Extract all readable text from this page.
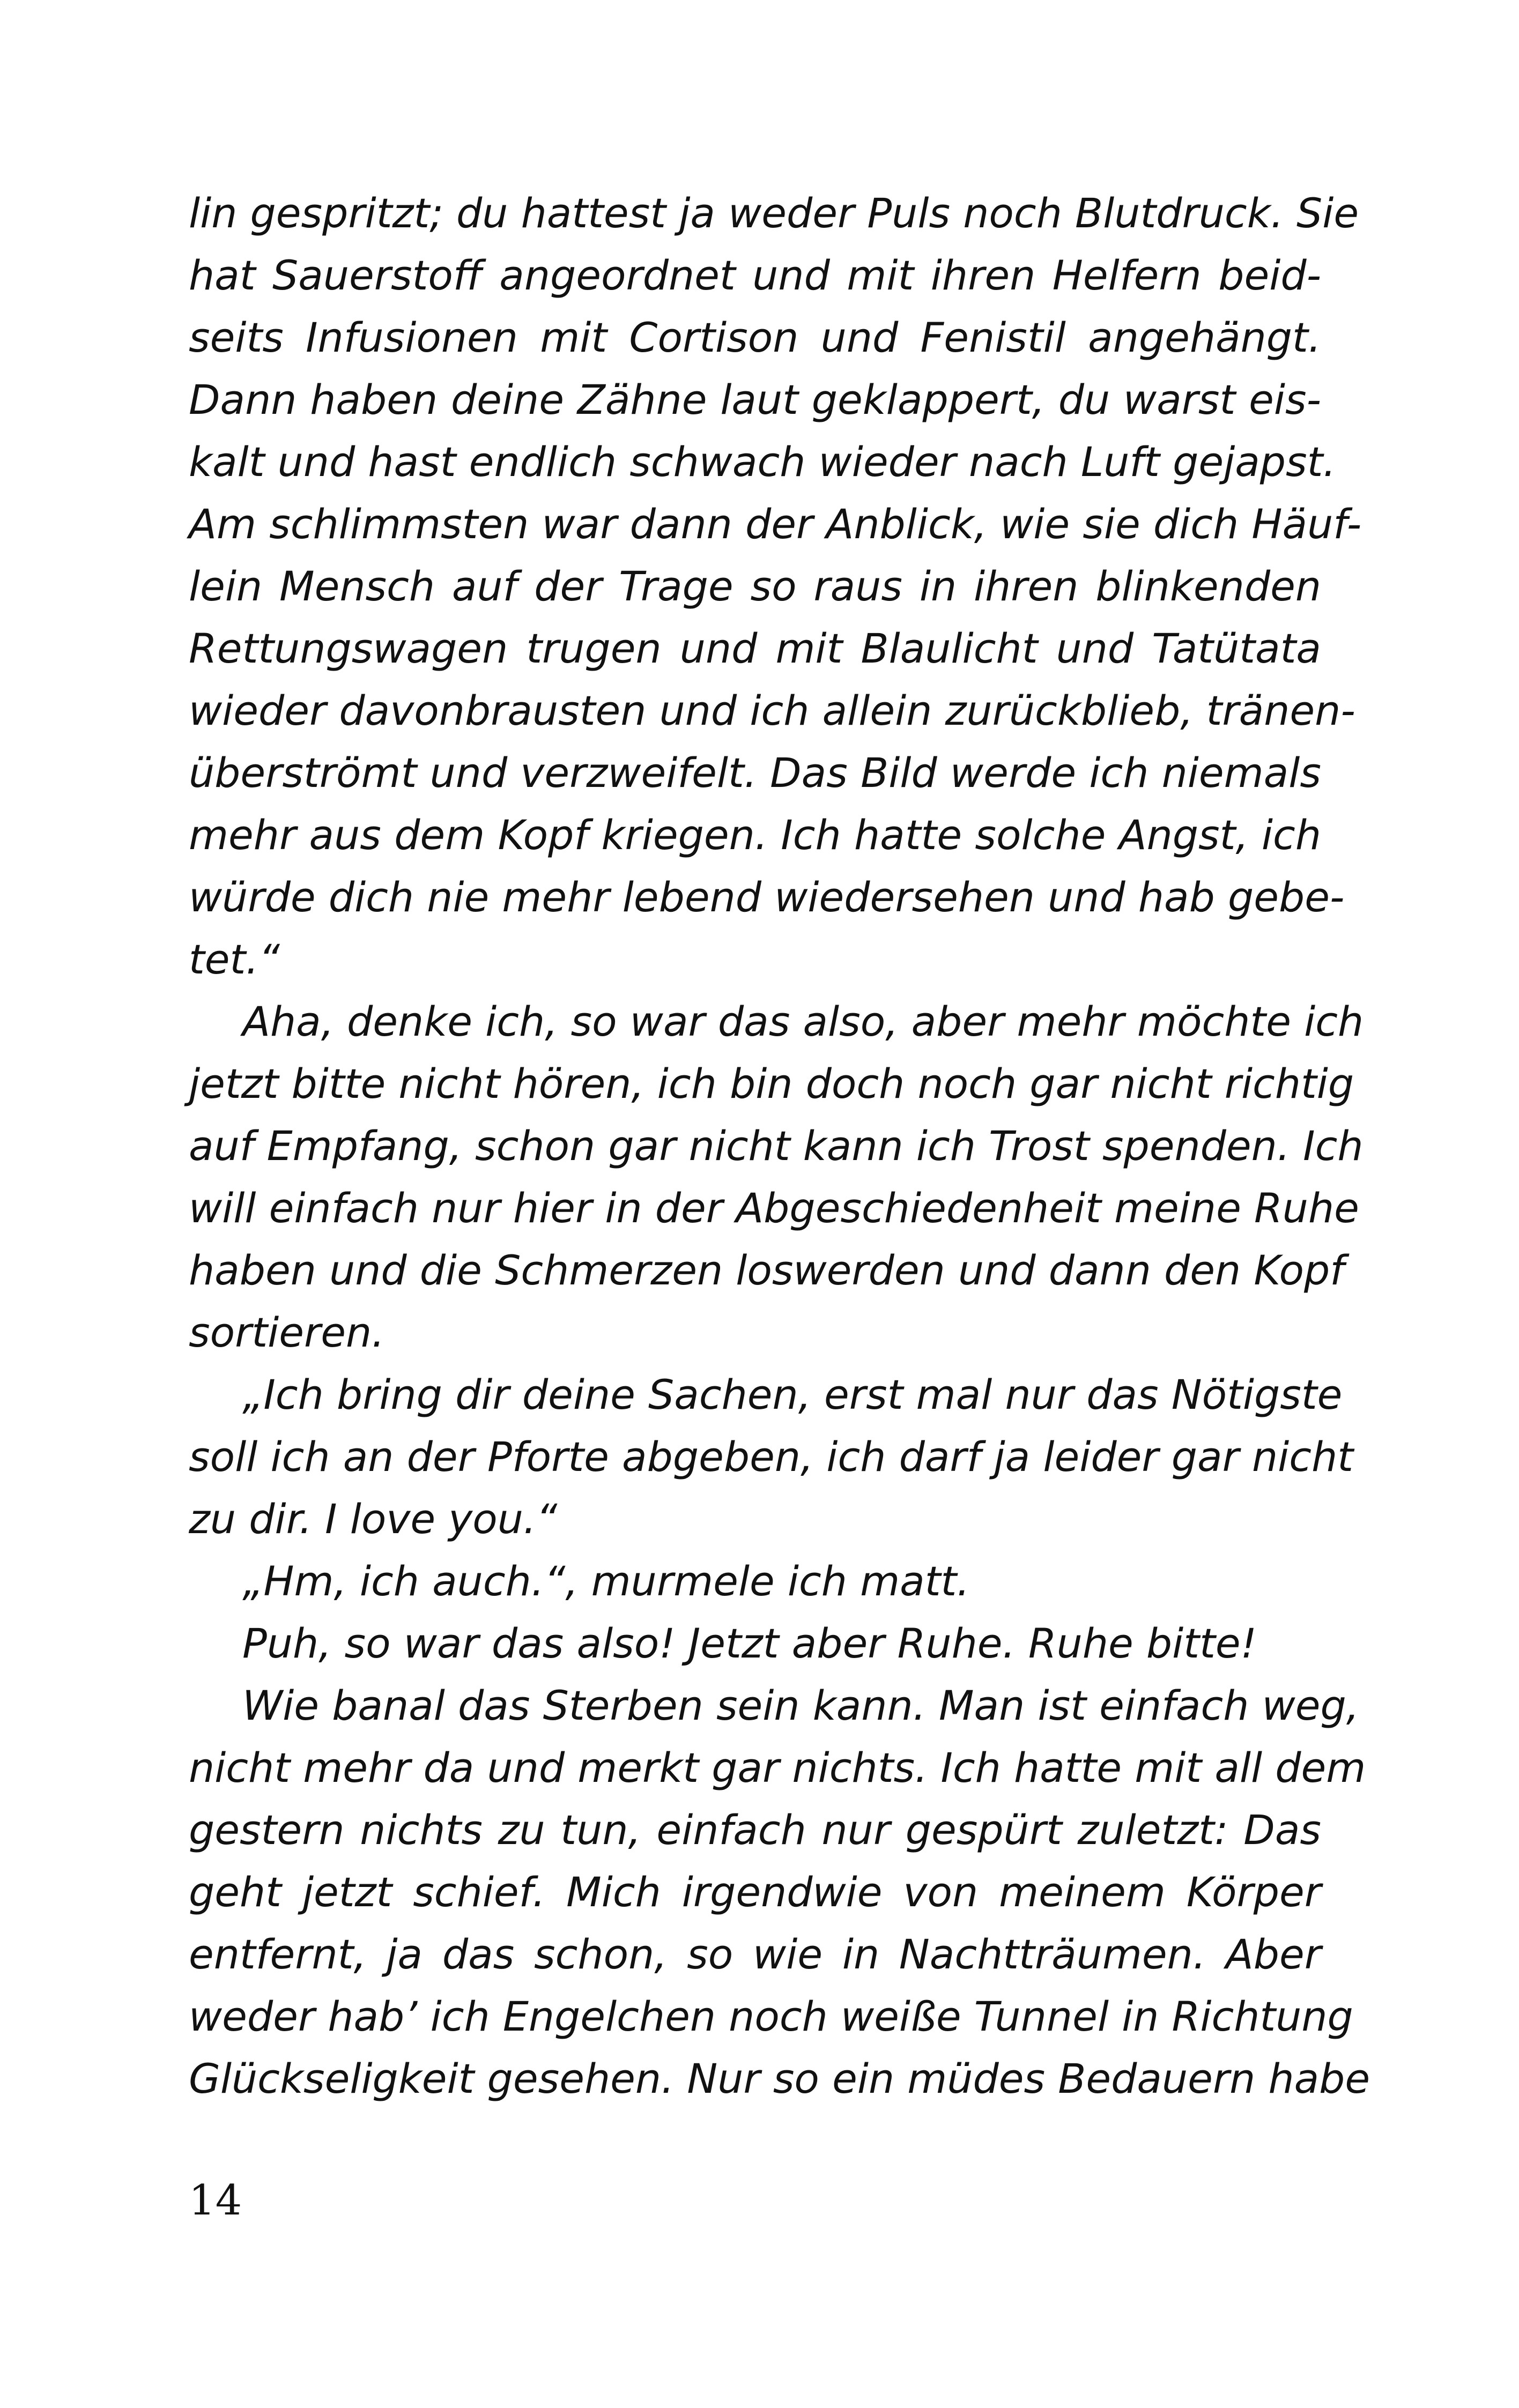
lin gespritzt; du hattest ja weder Puls noch Blutdruck. Sie
hat Sauerstoff angeordnet und mit ihren Helfern beid-
seits Infusionen mit Cortison und Fenistil angehängt.
Dann haben deine Zähne laut geklappert, du warst eis-
kalt und hast endlich schwach wieder nach Luft gejapst.
Am schlimmsten war dann der Anblick, wie sie dich Häuf-
lein Mensch auf der Trage so raus in ihren blinkenden
Rettungswagen trugen und mit Blaulicht und Tatütata
wieder davonbrausten und ich allein zurückblieb, tränen-
überströmt und verzweifelt. Das Bild werde ich niemals
mehr aus dem Kopf kriegen. Ich hatte solche Angst, ich
würde dich nie mehr lebend wiedersehen und hab gebe-
tet.“
Aha, denke ich, so war das also, aber mehr möchte ich
jetzt bitte nicht hören, ich bin doch noch gar nicht richtig
auf Empfang, schon gar nicht kann ich Trost spenden. Ich
will einfach nur hier in der Abgeschiedenheit meine Ruhe
haben und die Schmerzen loswerden und dann den Kopf
sortieren.
„Ich bring dir deine Sachen, erst mal nur das Nötigste
soll ich an der Pforte abgeben, ich darf ja leider gar nicht
zu dir. I love you.“
„Hm, ich auch.“, murmele ich matt.
Puh, so war das also! Jetzt aber Ruhe. Ruhe bitte!
Wie banal das Sterben sein kann. Man ist einfach weg,
nicht mehr da und merkt gar nichts. Ich hatte mit all dem
gestern nichts zu tun, einfach nur gespürt zuletzt: Das
geht jetzt schief. Mich irgendwie von meinem Körper
entfernt, ja das schon, so wie in Nachtträumen. Aber
weder hab’ ich Engelchen noch weiße Tunnel in Richtung
Glückseligkeit gesehen. Nur so ein müdes Bedauern habe
14
